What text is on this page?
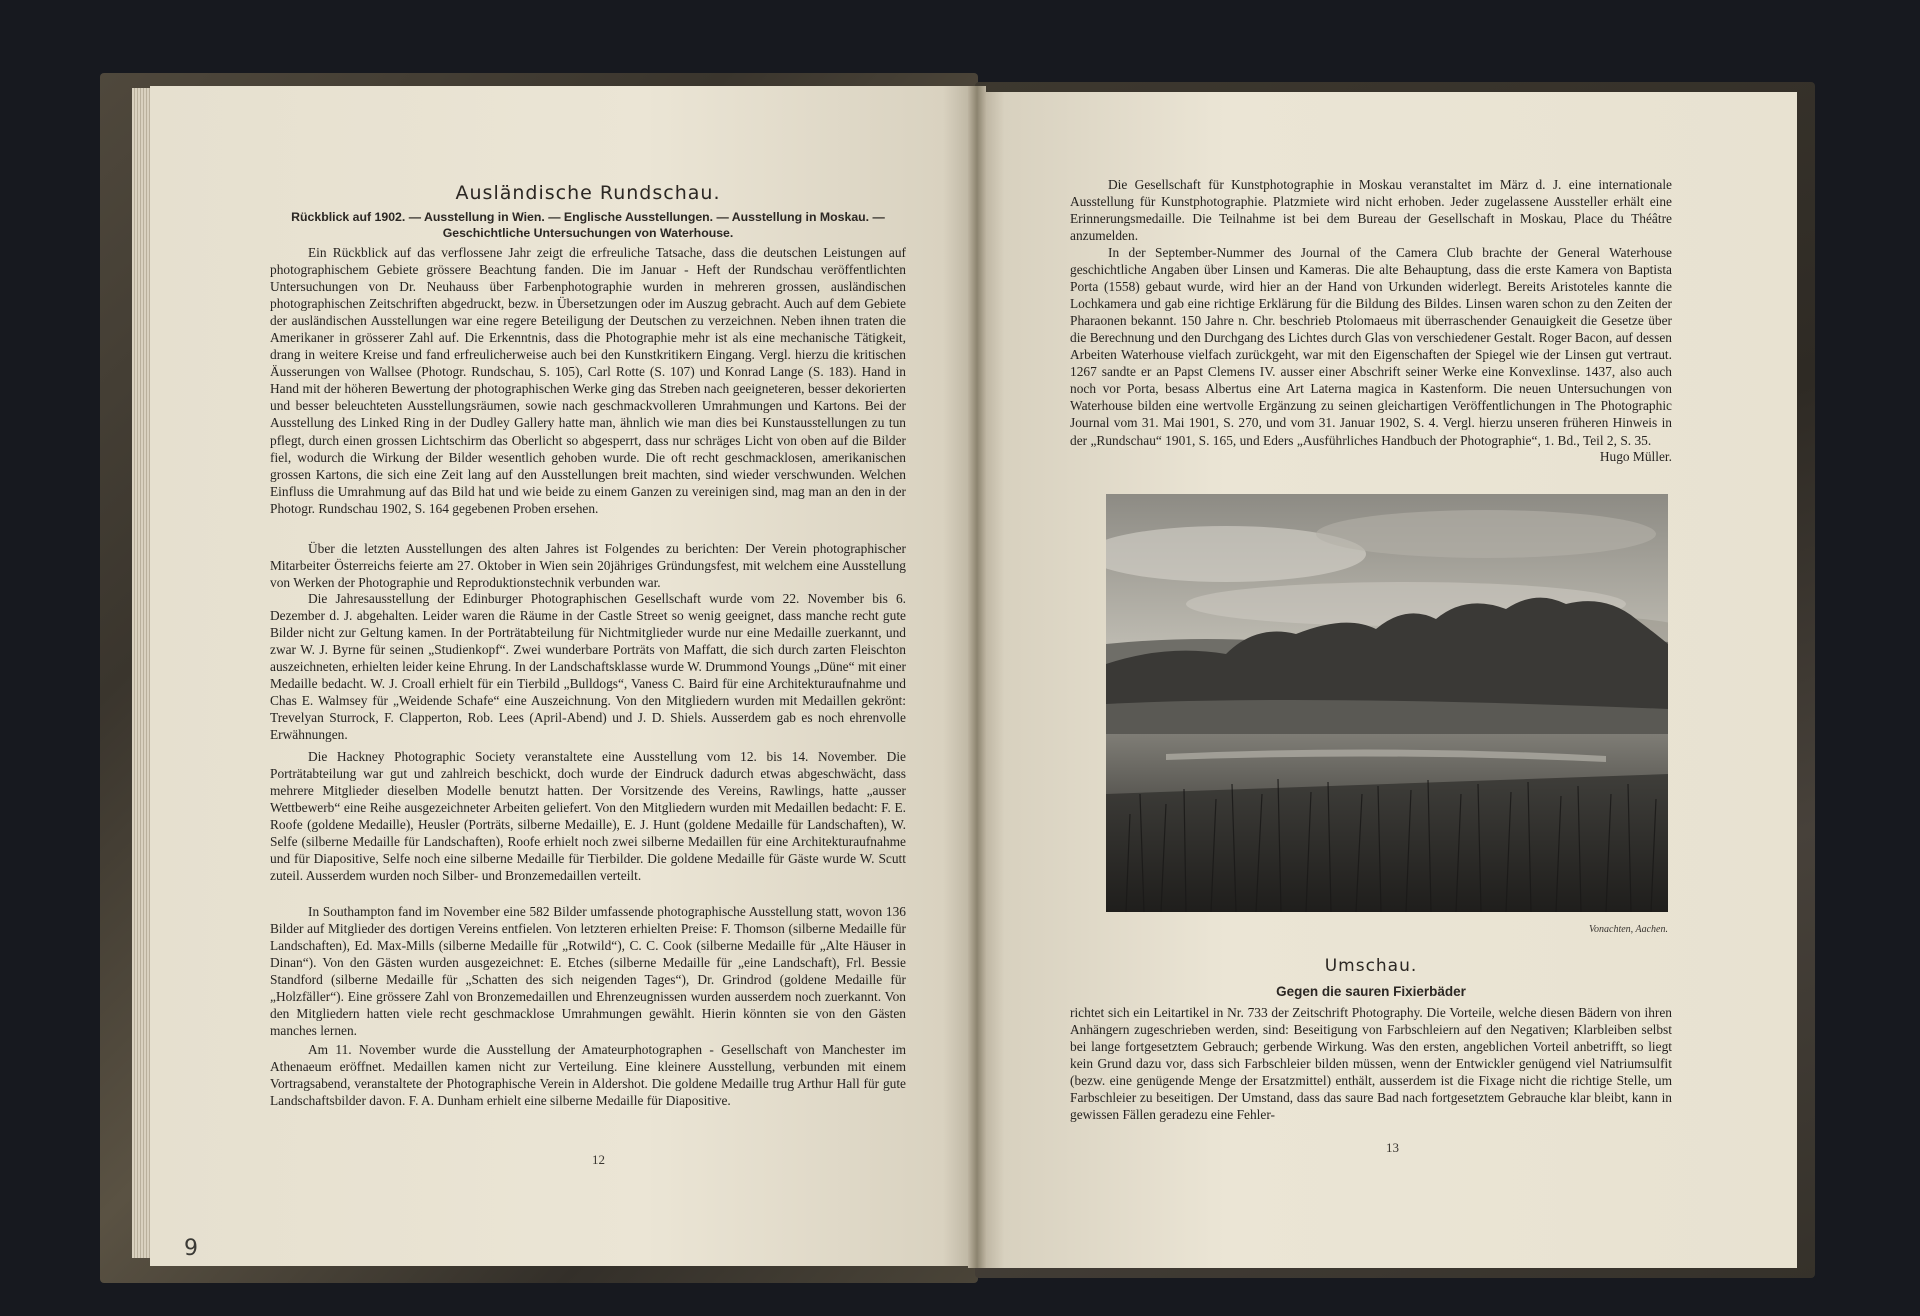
9
Ausländische Rundschau.
Rückblick auf 1902. — Ausstellung in Wien. — Englische Ausstellungen. — Ausstellung in Moskau. —
Geschichtliche Untersuchungen von Waterhouse.

Ein Rückblick auf das verflossene Jahr zeigt die erfreuliche Tatsache, dass die deutschen Leistungen auf photographischem Gebiete grössere Beachtung fanden. Die im Januar - Heft der Rundschau veröffentlichten Untersuchungen von Dr. Neuhauss über Farbenphotographie wurden in mehreren grossen, ausländischen photographischen Zeitschriften abgedruckt, bezw. in Übersetzungen oder im Auszug gebracht. Auch auf dem Gebiete der ausländischen Ausstellungen war eine regere Beteiligung der Deutschen zu verzeichnen. Neben ihnen traten die Amerikaner in grösserer Zahl auf. Die Erkenntnis, dass die Photographie mehr ist als eine mechanische Tätigkeit, drang in weitere Kreise und fand erfreulicherweise auch bei den Kunstkritikern Eingang. Vergl. hierzu die kritischen Äusserungen von Wallsee (Photogr. Rundschau, S. 105), Carl Rotte (S. 107) und Konrad Lange (S. 183). Hand in Hand mit der höheren Bewertung der photographischen Werke ging das Streben nach geeigneteren, besser dekorierten und besser beleuchteten Ausstellungsräumen, sowie nach geschmackvolleren Umrahmungen und Kartons. Bei der Ausstellung des Linked Ring in der Dudley Gallery hatte man, ähnlich wie man dies bei Kunstausstellungen zu tun pflegt, durch einen grossen Lichtschirm das Oberlicht so abgesperrt, dass nur schräges Licht von oben auf die Bilder fiel, wodurch die Wirkung der Bilder wesentlich gehoben wurde. Die oft recht geschmacklosen, amerikanischen grossen Kartons, die sich eine Zeit lang auf den Ausstellungen breit machten, sind wieder verschwunden. Welchen Einfluss die Umrahmung auf das Bild hat und wie beide zu einem Ganzen zu vereinigen sind, mag man an den in der Photogr. Rundschau 1902, S. 164 gegebenen Proben ersehen.

Über die letzten Ausstellungen des alten Jahres ist Folgendes zu berichten: Der Verein photographischer Mitarbeiter Österreichs feierte am 27. Oktober in Wien sein 20jähriges Gründungsfest, mit welchem eine Ausstellung von Werken der Photographie und Reproduktionstechnik verbunden war.

Die Jahresausstellung der Edinburger Photographischen Gesellschaft wurde vom 22. November bis 6. Dezember d. J. abgehalten. Leider waren die Räume in der Castle Street so wenig geeignet, dass manche recht gute Bilder nicht zur Geltung kamen. In der Porträtabteilung für Nichtmitglieder wurde nur eine Medaille zuerkannt, und zwar W. J. Byrne für seinen „Studienkopf“. Zwei wunderbare Porträts von Maffatt, die sich durch zarten Fleischton auszeichneten, erhielten leider keine Ehrung. In der Landschaftsklasse wurde W. Drummond Youngs „Düne“ mit einer Medaille bedacht. W. J. Croall erhielt für ein Tierbild „Bulldogs“, Vaness C. Baird für eine Architekturaufnahme und Chas E. Walmsey für „Weidende Schafe“ eine Auszeichnung. Von den Mitgliedern wurden mit Medaillen gekrönt: Trevelyan Sturrock, F. Clapperton, Rob. Lees (April-Abend) und J. D. Shiels. Ausserdem gab es noch ehrenvolle Erwähnungen.

Die Hackney Photographic Society veranstaltete eine Ausstellung vom 12. bis 14. November. Die Porträtabteilung war gut und zahlreich beschickt, doch wurde der Eindruck dadurch etwas abgeschwächt, dass mehrere Mitglieder dieselben Modelle benutzt hatten. Der Vorsitzende des Vereins, Rawlings, hatte „ausser Wettbewerb“ eine Reihe ausgezeichneter Arbeiten geliefert. Von den Mitgliedern wurden mit Medaillen bedacht: F. E. Roofe (goldene Medaille), Heusler (Porträts, silberne Medaille), E. J. Hunt (goldene Medaille für Landschaften), W. Selfe (silberne Medaille für Landschaften), Roofe erhielt noch zwei silberne Medaillen für eine Architekturaufnahme und für Diapositive, Selfe noch eine silberne Medaille für Tierbilder. Die goldene Medaille für Gäste wurde W. Scutt zuteil. Ausserdem wurden noch Silber- und Bronzemedaillen verteilt.

In Southampton fand im November eine 582 Bilder umfassende photographische Ausstellung statt, wovon 136 Bilder auf Mitglieder des dortigen Vereins entfielen. Von letzteren erhielten Preise: F. Thomson (silberne Medaille für Landschaften), Ed. Max-Mills (silberne Medaille für „Rotwild“), C. C. Cook (silberne Medaille für „Alte Häuser in Dinan“). Von den Gästen wurden ausgezeichnet: E. Etches (silberne Medaille für „eine Landschaft), Frl. Bessie Standford (silberne Medaille für „Schatten des sich neigenden Tages“), Dr. Grindrod (goldene Medaille für „Holzfäller“). Eine grössere Zahl von Bronzemedaillen und Ehrenzeugnissen wurden ausserdem noch zuerkannt. Von den Mitgliedern hatten viele recht geschmacklose Umrahmungen gewählt. Hierin könnten sie von den Gästen manches lernen.

Am 11. November wurde die Ausstellung der Amateurphotographen - Gesellschaft von Manchester im Athenaeum eröffnet. Medaillen kamen nicht zur Verteilung. Eine kleinere Ausstellung, verbunden mit einem Vortragsabend, veranstaltete der Photographische Verein in Aldershot. Die goldene Medaille trug Arthur Hall für gute Landschaftsbilder davon. F. A. Dunham erhielt eine silberne Medaille für Diapositive.

12

Die Gesellschaft für Kunstphotographie in Moskau veranstaltet im März d. J. eine internationale Ausstellung für Kunstphotographie. Platzmiete wird nicht erhoben. Jeder zugelassene Aussteller erhält eine Erinnerungsmedaille. Die Teilnahme ist bei dem Bureau der Gesellschaft in Moskau, Place du Théâtre anzumelden.

In der September-Nummer des Journal of the Camera Club brachte der General Waterhouse geschichtliche Angaben über Linsen und Kameras. Die alte Behauptung, dass die erste Kamera von Baptista Porta (1558) gebaut wurde, wird hier an der Hand von Urkunden widerlegt. Bereits Aristoteles kannte die Lochkamera und gab eine richtige Erklärung für die Bildung des Bildes. Linsen waren schon zu den Zeiten der Pharaonen bekannt. 150 Jahre n. Chr. beschrieb Ptolomaeus mit überraschender Genauigkeit die Gesetze über die Berechnung und den Durchgang des Lichtes durch Glas von verschiedener Gestalt. Roger Bacon, auf dessen Arbeiten Waterhouse vielfach zurückgeht, war mit den Eigenschaften der Spiegel wie der Linsen gut vertraut. 1267 sandte er an Papst Clemens IV. ausser einer Abschrift seiner Werke eine Konvexlinse. 1437, also auch noch vor Porta, besass Albertus eine Art Laterna magica in Kastenform. Die neuen Untersuchungen von Waterhouse bilden eine wertvolle Ergänzung zu seinen gleichartigen Veröffentlichungen in The Photographic Journal vom 31. Mai 1901, S. 270, und vom 31. Januar 1902, S. 4. Vergl. hierzu unseren früheren Hinweis in der „Rundschau“ 1901, S. 165, und Eders „Ausführliches Handbuch der Photographie“, 1. Bd., Teil 2, S. 35.

Hugo Müller.

Vonachten, Aachen.
Umschau.
Gegen die sauren Fixierbäder

richtet sich ein Leitartikel in Nr. 733 der Zeitschrift Photography. Die Vorteile, welche diesen Bädern von ihren Anhängern zugeschrieben werden, sind: Beseitigung von Farbschleiern auf den Negativen; Klarbleiben selbst bei lange fortgesetztem Gebrauch; gerbende Wirkung. Was den ersten, angeblichen Vorteil anbetrifft, so liegt kein Grund dazu vor, dass sich Farbschleier bilden müssen, wenn der Entwickler genügend viel Natriumsulfit (bezw. eine genügende Menge der Ersatzmittel) enthält, ausserdem ist die Fixage nicht die richtige Stelle, um Farbschleier zu beseitigen. Der Umstand, dass das saure Bad nach fortgesetztem Gebrauche klar bleibt, kann in gewissen Fällen geradezu eine Fehler-

13
